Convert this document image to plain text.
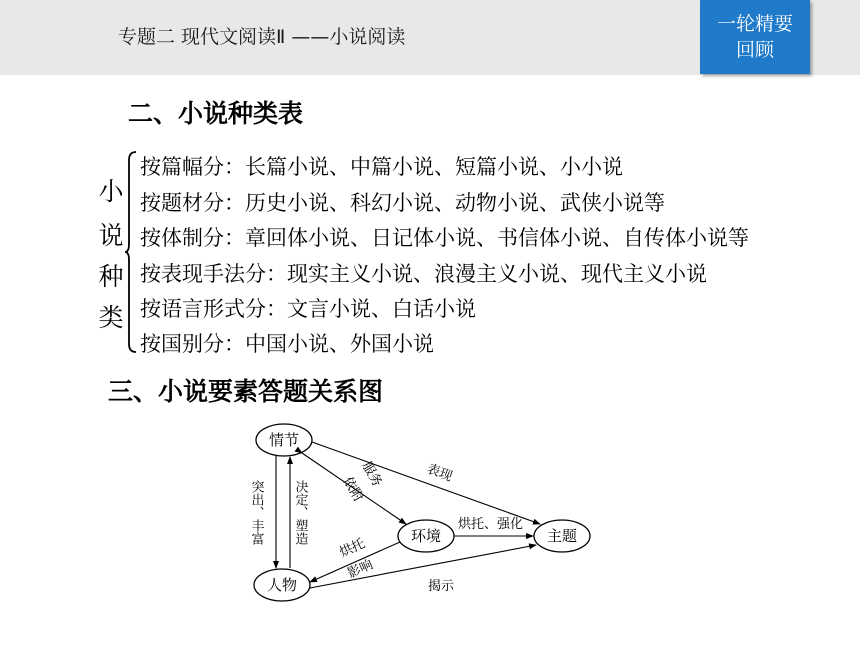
专题二 现代文阅读Ⅱ ——小说阅读
一轮精要
回顾
二、小说种类表
小
说
种
类
按篇幅分：长篇小说、中篇小说、短篇小说、小小说
按题材分：历史小说、科幻小说、动物小说、武侠小说等
按体制分：章回体小说、日记体小说、书信体小说、自传体小说等
按表现手法分：现实主义小说、浪漫主义小说、现代主义小说
按语言形式分：文言小说、白话小说
按国别分：中国小说、外国小说
三、小说要素答题关系图
情节
人物
环境	主题
表现
服务
依附
突出、丰富 决定、塑造	烘托、强化
烘托
影响
揭示
